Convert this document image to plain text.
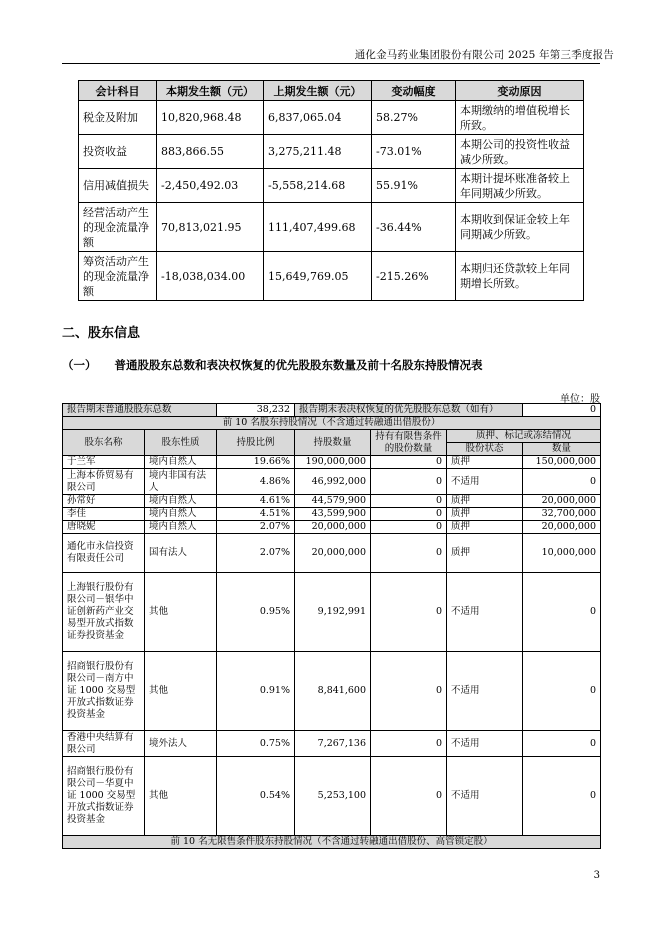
通化金马药业集团股份有限公司 2025 年第三季度报告
会计科目	本期发生额（元）	上期发生额（元）	变动幅度	变动原因
税金及附加	10,820,968.48	6,837,065.04	58.27%	本期缴纳的增值税增长所致。
投资收益	883,866.55	3,275,211.48	-73.01%	本期公司的投资性收益减少所致。
信用减值损失	-2,450,492.03	-5,558,214.68	55.91%	本期计提坏账准备较上年同期减少所致。
经营活动产生的现金流量净额	70,813,021.95	111,407,499.68	-36.44%	本期收到保证金较上年同期减少所致。
筹资活动产生的现金流量净额	-18,038,034.00	15,649,769.05	-215.26%	本期归还贷款较上年同期增长所致。
二、股东信息
（一） 普通股股东总数和表决权恢复的优先股股东数量及前十名股东持股情况表
单位：股
报告期末普通股股东总数		38,232	报告期末表决权恢复的优先股股东总数（如有）			0
前 10 名股东持股情况（不含通过转融通出借股份）						
股东名称	股东性质	持股比例	持股数量	持有有限售条件的股份数量	质押、标记或冻结情况	
					股份状态	数量
于兰军	境内自然人	19.66%	190,000,000	0	质押	150,000,000
上海本侨贸易有限公司	境内非国有法人	4.86%	46,992,000	0	不适用	0
孙常好	境内自然人	4.61%	44,579,900	0	质押	20,000,000
李佳	境内自然人	4.51%	43,599,900	0	质押	32,700,000
唐晓妮	境内自然人	2.07%	20,000,000	0	质押	20,000,000
通化市永信投资有限责任公司	国有法人	2.07%	20,000,000	0	质押	10,000,000
上海银行股份有限公司－银华中证创新药产业交易型开放式指数证券投资基金	其他	0.95%	9,192,991	0	不适用	0
招商银行股份有限公司－南方中证 1000 交易型开放式指数证券投资基金	其他	0.91%	8,841,600	0	不适用	0
香港中央结算有限公司	境外法人	0.75%	7,267,136	0	不适用	0
招商银行股份有限公司－华夏中证 1000 交易型开放式指数证券投资基金	其他	0.54%	5,253,100	0	不适用	0
前 10 名无限售条件股东持股情况（不含通过转融通出借股份、高管锁定股）						
3
